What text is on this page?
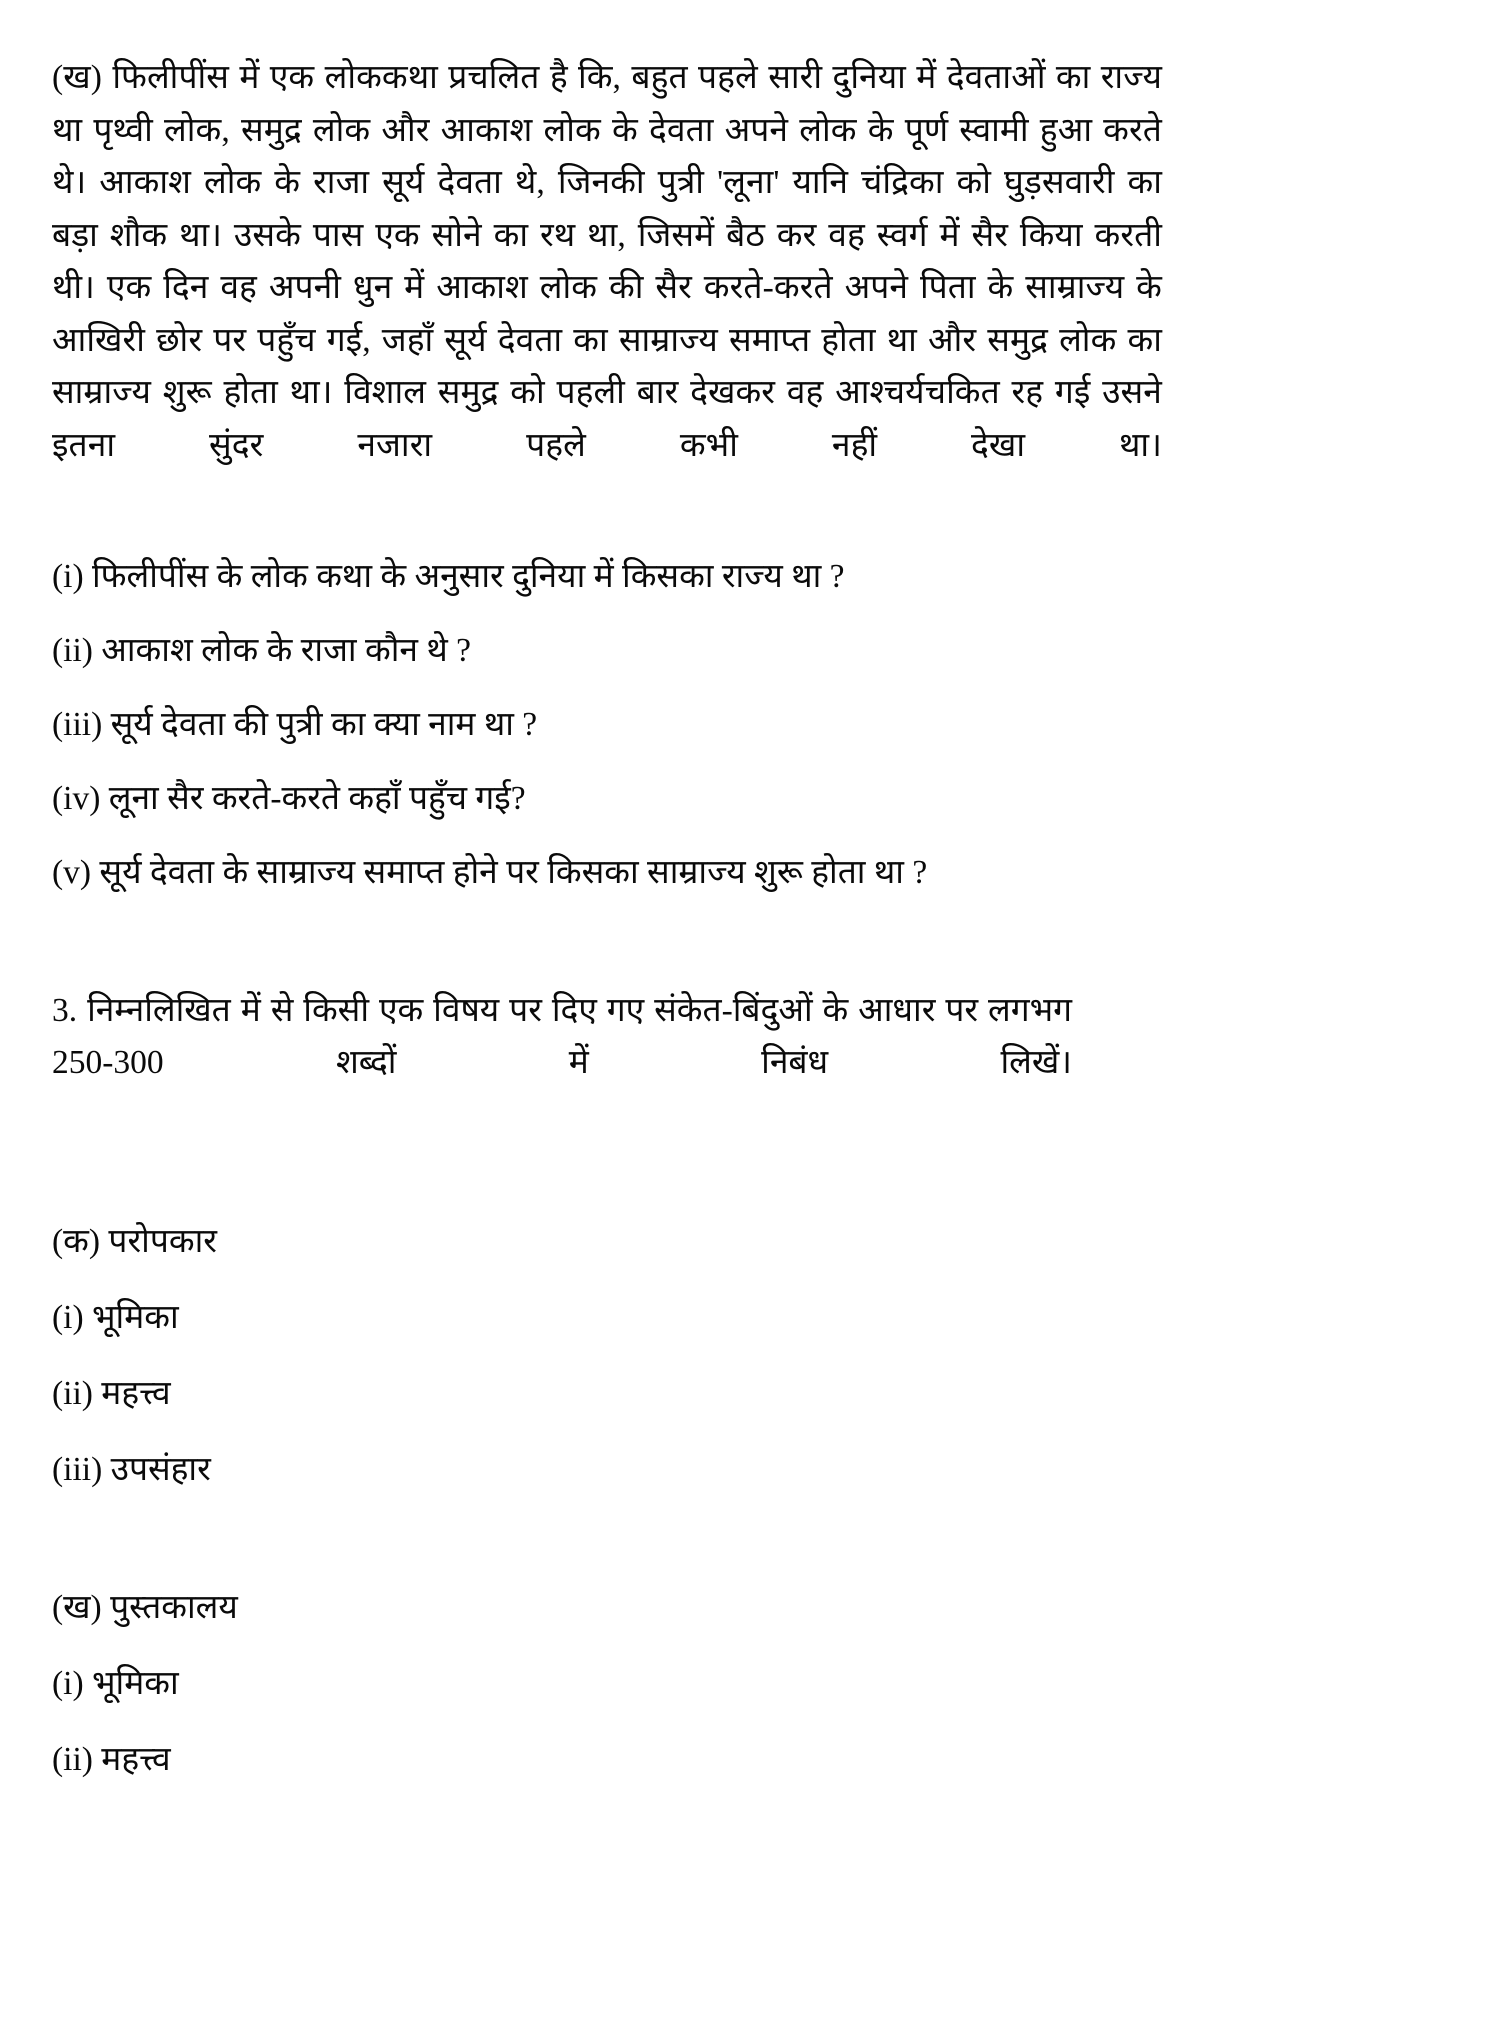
(ख) फिलीपींस में एक लोककथा प्रचलित है कि, बहुत पहले सारी दुनिया में देवताओं का राज्य था पृथ्वी लोक, समुद्र लोक और आकाश लोक के देवता अपने लोक के पूर्ण स्वामी हुआ करते थे। आकाश लोक के राजा सूर्य देवता थे, जिनकी पुत्री 'लूना' यानि चंद्रिका को घुड़सवारी का बड़ा शौक था। उसके पास एक सोने का रथ था, जिसमें बैठ कर वह स्वर्ग में सैर किया करती थी। एक दिन वह अपनी धुन में आकाश लोक की सैर करते-करते अपने पिता के साम्राज्य के आखिरी छोर पर पहुँच गई, जहाँ सूर्य देवता का साम्राज्य समाप्त होता था और समुद्र लोक का साम्राज्य शुरू होता था। विशाल समुद्र को पहली बार देखकर वह आश्चर्यचकित रह गई उसने इतना सुंदर नजारा पहले कभी नहीं देखा था।

(i) फिलीपींस के लोक कथा के अनुसार दुनिया में किसका राज्य था ?
(ii) आकाश लोक के राजा कौन थे ?
(iii) सूर्य देवता की पुत्री का क्या नाम था ?
(iv) लूना सैर करते-करते कहाँ पहुँच गई?
(v) सूर्य देवता के साम्राज्य समाप्त होने पर किसका साम्राज्य शुरू होता था ?

3. निम्नलिखित में से किसी एक विषय पर दिए गए संकेत-बिंदुओं के आधार पर लगभग 250-300 शब्दों में निबंध लिखें।

(क) परोपकार
(i) भूमिका
(ii) महत्त्व
(iii) उपसंहार
(ख) पुस्तकालय
(i) भूमिका
(ii) महत्त्व
